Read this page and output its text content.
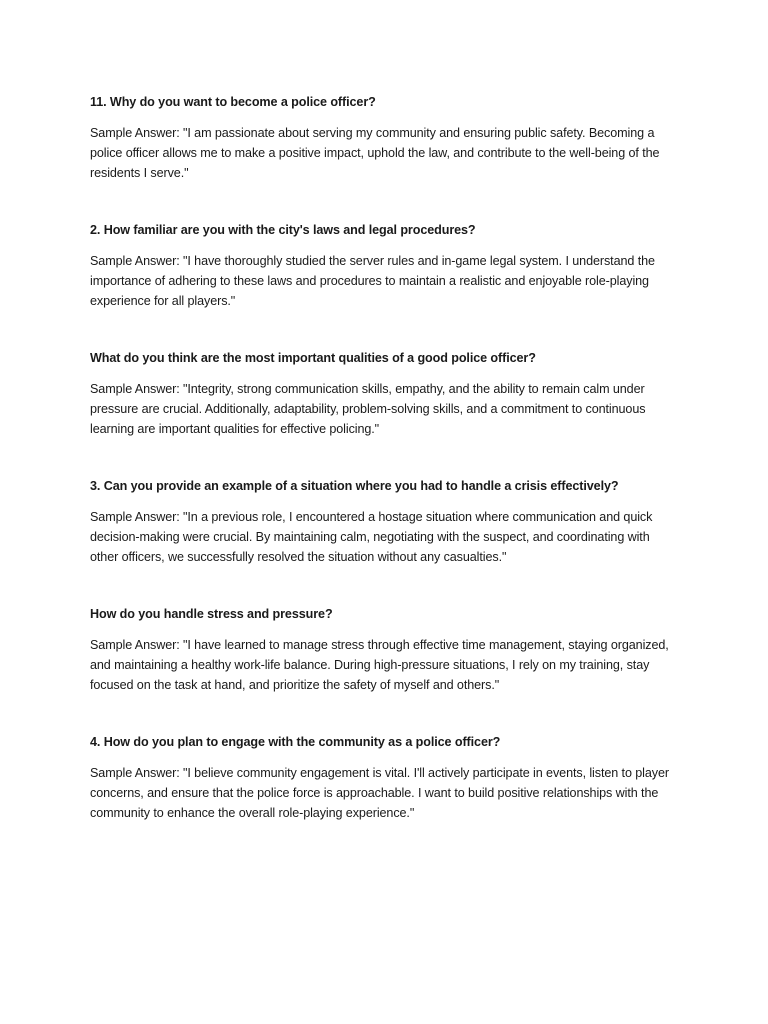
11. Why do you want to become a police officer?

Sample Answer: "I am passionate about serving my community and ensuring public safety. Becoming a police officer allows me to make a positive impact, uphold the law, and contribute to the well-being of the residents I serve."

2. How familiar are you with the city's laws and legal procedures?

Sample Answer: "I have thoroughly studied the server rules and in-game legal system. I understand the importance of adhering to these laws and procedures to maintain a realistic and enjoyable role-playing experience for all players."

What do you think are the most important qualities of a good police officer?

Sample Answer: "Integrity, strong communication skills, empathy, and the ability to remain calm under pressure are crucial. Additionally, adaptability, problem-solving skills, and a commitment to continuous learning are important qualities for effective policing."

3. Can you provide an example of a situation where you had to handle a crisis effectively?

Sample Answer: "In a previous role, I encountered a hostage situation where communication and quick decision-making were crucial. By maintaining calm, negotiating with the suspect, and coordinating with other officers, we successfully resolved the situation without any casualties."

How do you handle stress and pressure?

Sample Answer: "I have learned to manage stress through effective time management, staying organized, and maintaining a healthy work-life balance. During high-pressure situations, I rely on my training, stay focused on the task at hand, and prioritize the safety of myself and others."

4. How do you plan to engage with the community as a police officer?

Sample Answer: "I believe community engagement is vital. I'll actively participate in events, listen to player concerns, and ensure that the police force is approachable. I want to build positive relationships with the community to enhance the overall role-playing experience."
